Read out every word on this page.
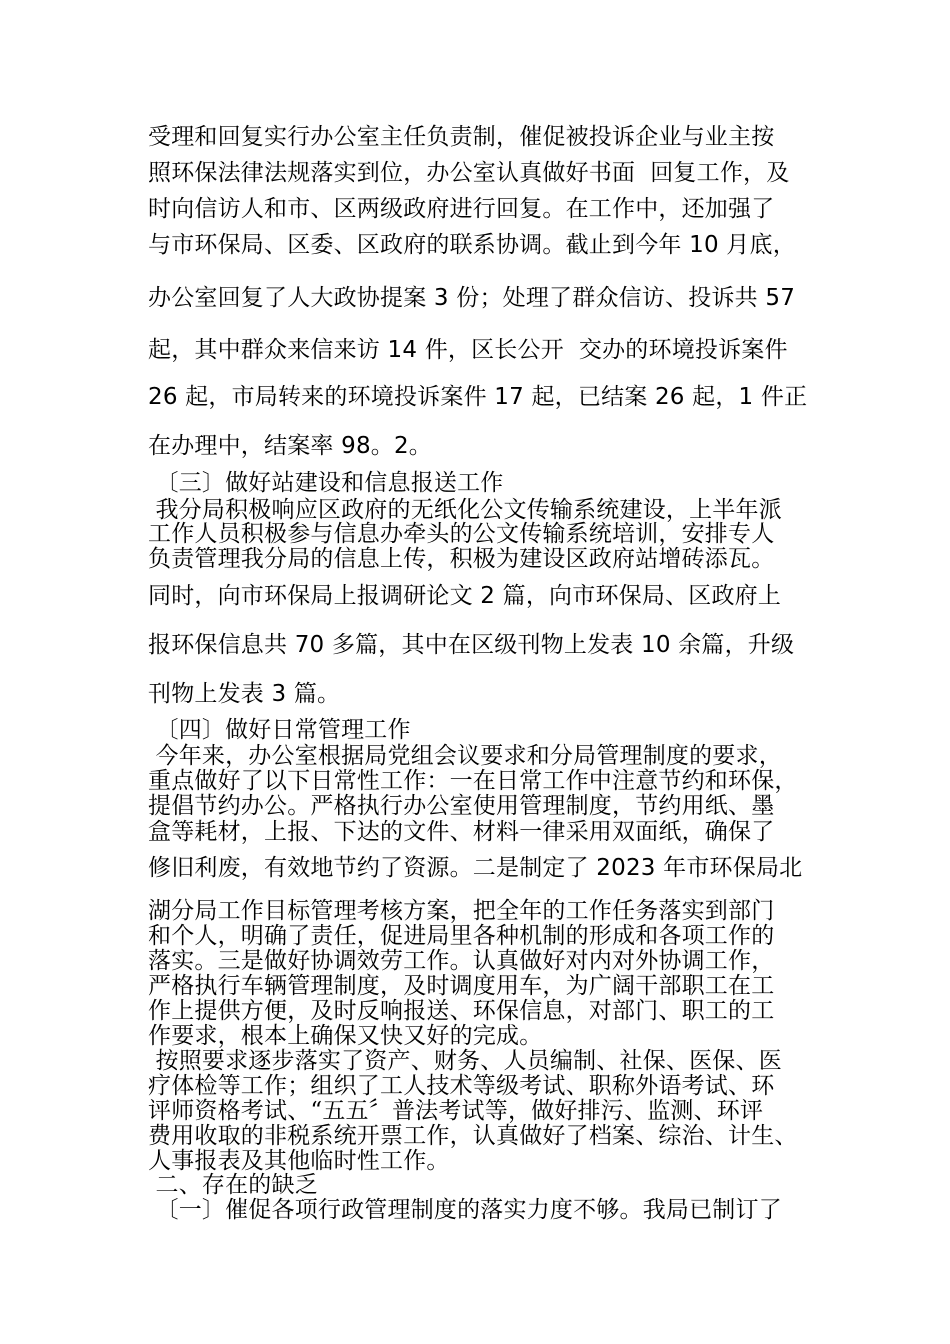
受理和回复实行办公室主任负责制，催促被投诉企业与业主按
照环保法律法规落实到位，办公室认真做好书面  回复工作，及
时向信访人和市、区两级政府进行回复。在工作中，还加强了
与市环保局、区委、区政府的联系协调。截止到今年 10 月底，
办公室回复了人大政协提案 3 份；处理了群众信访、投诉共 57
起，其中群众来信来访 14 件，区长公开  交办的环境投诉案件
26 起，市局转来的环境投诉案件 17 起，已结案 26 起，1 件正
在办理中，结案率 98。2。
〔三〕做好站建设和信息报送工作
我分局积极响应区政府的无纸化公文传输系统建设，上半年派
工作人员积极参与信息办牵头的公文传输系统培训，安排专人
负责管理我分局的信息上传，积极为建设区政府站增砖添瓦。
同时，向市环保局上报调研论文 2 篇，向市环保局、区政府上
报环保信息共 70 多篇，其中在区级刊物上发表 10 余篇，升级
刊物上发表 3 篇。
〔四〕做好日常管理工作
今年来，办公室根据局党组会议要求和分局管理制度的要求，
重点做好了以下日常性工作：一在日常工作中注意节约和环保，
提倡节约办公。严格执行办公室使用管理制度，节约用纸、墨
盒等耗材，上报、下达的文件、材料一律采用双面纸，确保了
修旧利废，有效地节约了资源。二是制定了 2023 年市环保局北
湖分局工作目标管理考核方案，把全年的工作任务落实到部门
和个人，明确了责任，促进局里各种机制的形成和各项工作的
落实。三是做好协调效劳工作。认真做好对内对外协调工作，
严格执行车辆管理制度，及时调度用车，为广阔干部职工在工
作上提供方便，及时反响报送、环保信息，对部门、职工的工
作要求，根本上确保又快又好的完成。
按照要求逐步落实了资产、财务、人员编制、社保、医保、医
疗体检等工作；组织了工人技术等级考试、职称外语考试、环
评师资格考试、“五五〞普法考试等，做好排污、监测、环评
费用收取的非税系统开票工作，认真做好了档案、综治、计生、
人事报表及其他临时性工作。
二、存在的缺乏
〔一〕催促各项行政管理制度的落实力度不够。我局已制订了
